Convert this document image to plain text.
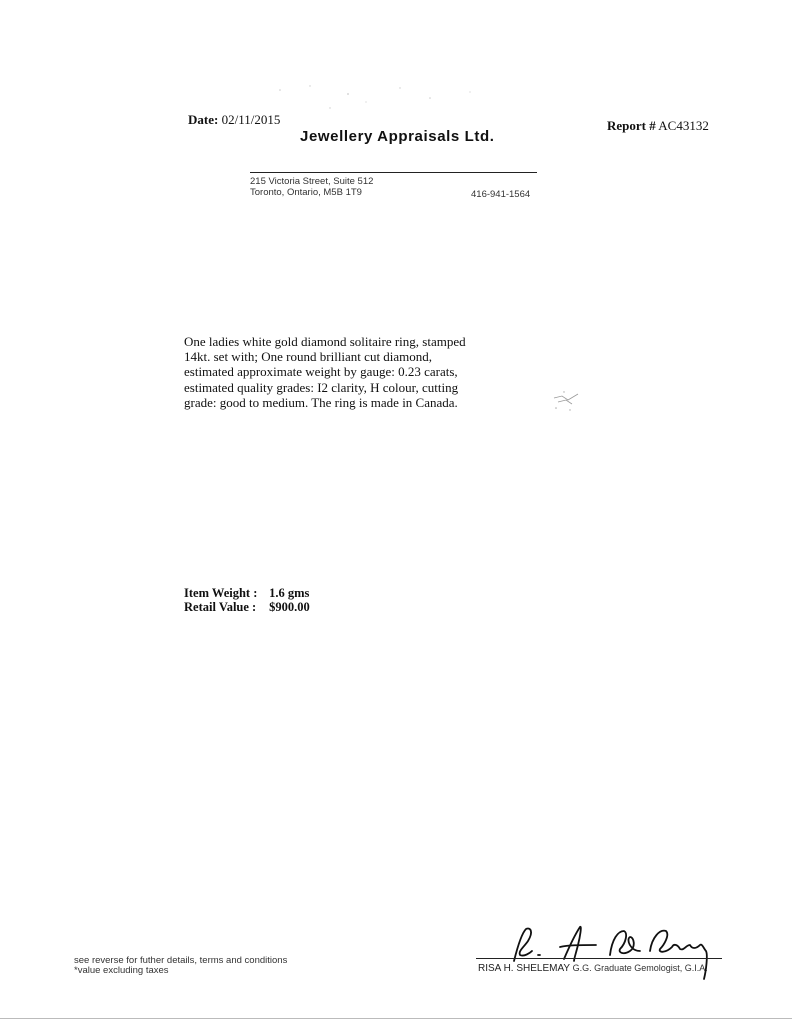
Date: 02/11/2015
Jewellery Appraisals Ltd.
Report # AC43132
215 Victoria Street, Suite 512
Toronto, Ontario, M5B 1T9	416-941-1564
One ladies white gold diamond solitaire ring, stamped 14kt. set with; One round brilliant cut diamond, estimated approximate weight by gauge: 0.23 carats, estimated quality grades: I2 clarity, H colour, cutting grade: good to medium. The ring is made in Canada.
Item Weight : 1.6 gms
Retail Value : $900.00
see reverse for futher details, terms and conditions
*value excluding taxes	RISA H. SHELEMAY G.G. Graduate Gemologist, G.I.A.
